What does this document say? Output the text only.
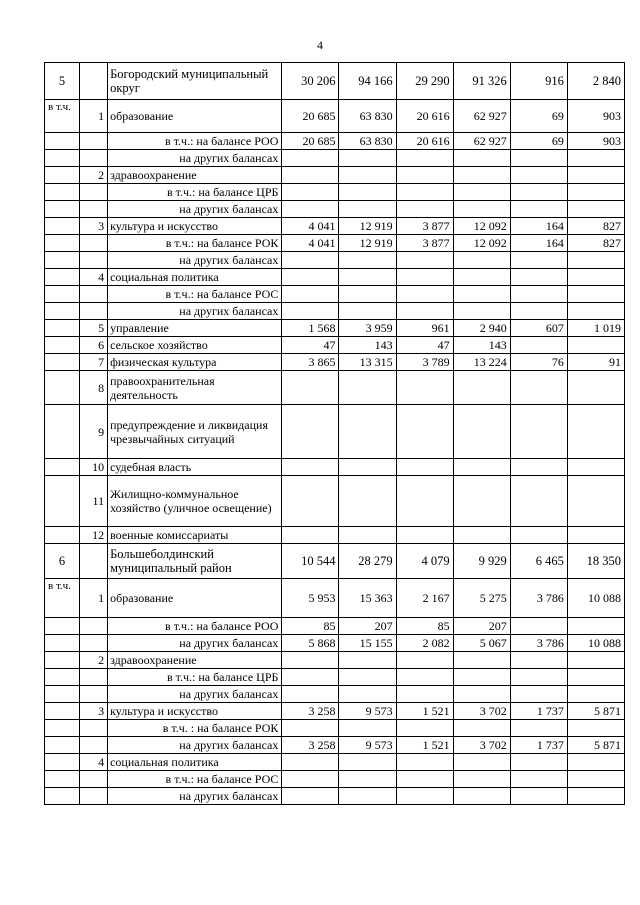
4
5		Богородский муниципальный округ	30 206	94 166	29 290	91 326	916	2 840
в т.ч.	1	образование	20 685	63 830	20 616	62 927	69	903
		в т.ч.: на балансе РОО	20 685	63 830	20 616	62 927	69	903
		на других балансах						
	2	здравоохранение						
		в т.ч.: на балансе ЦРБ						
		на других балансах						
	3	культура и искусство	4 041	12 919	3 877	12 092	164	827
		в т.ч.: на балансе РОК	4 041	12 919	3 877	12 092	164	827
		на других балансах						
	4	социальная политика						
		в т.ч.: на балансе РОС						
		на других балансах						
	5	управление	1 568	3 959	961	2 940	607	1 019
	6	сельское хозяйство	47	143	47	143		
	7	физическая культура	3 865	13 315	3 789	13 224	76	91
	8	правоохранительная деятельность						
	9	предупреждение и ликвидация чрезвычайных ситуаций						
	10	судебная власть						
	11	Жилищно-коммунальное хозяйство (уличное освещение)						
	12	военные комиссариаты						
6		Большеболдинский муниципальный район	10 544	28 279	4 079	9 929	6 465	18 350
в т.ч.	1	образование	5 953	15 363	2 167	5 275	3 786	10 088
		в т.ч.: на балансе РОО	85	207	85	207		
		на других балансах	5 868	15 155	2 082	5 067	3 786	10 088
	2	здравоохранение						
		в т.ч.: на балансе ЦРБ						
		на других балансах						
	3	культура и искусство	3 258	9 573	1 521	3 702	1 737	5 871
		в т.ч. : на балансе РОК						
		на других балансах	3 258	9 573	1 521	3 702	1 737	5 871
	4	социальная политика						
		в т.ч.: на балансе РОС						
		на других балансах						
